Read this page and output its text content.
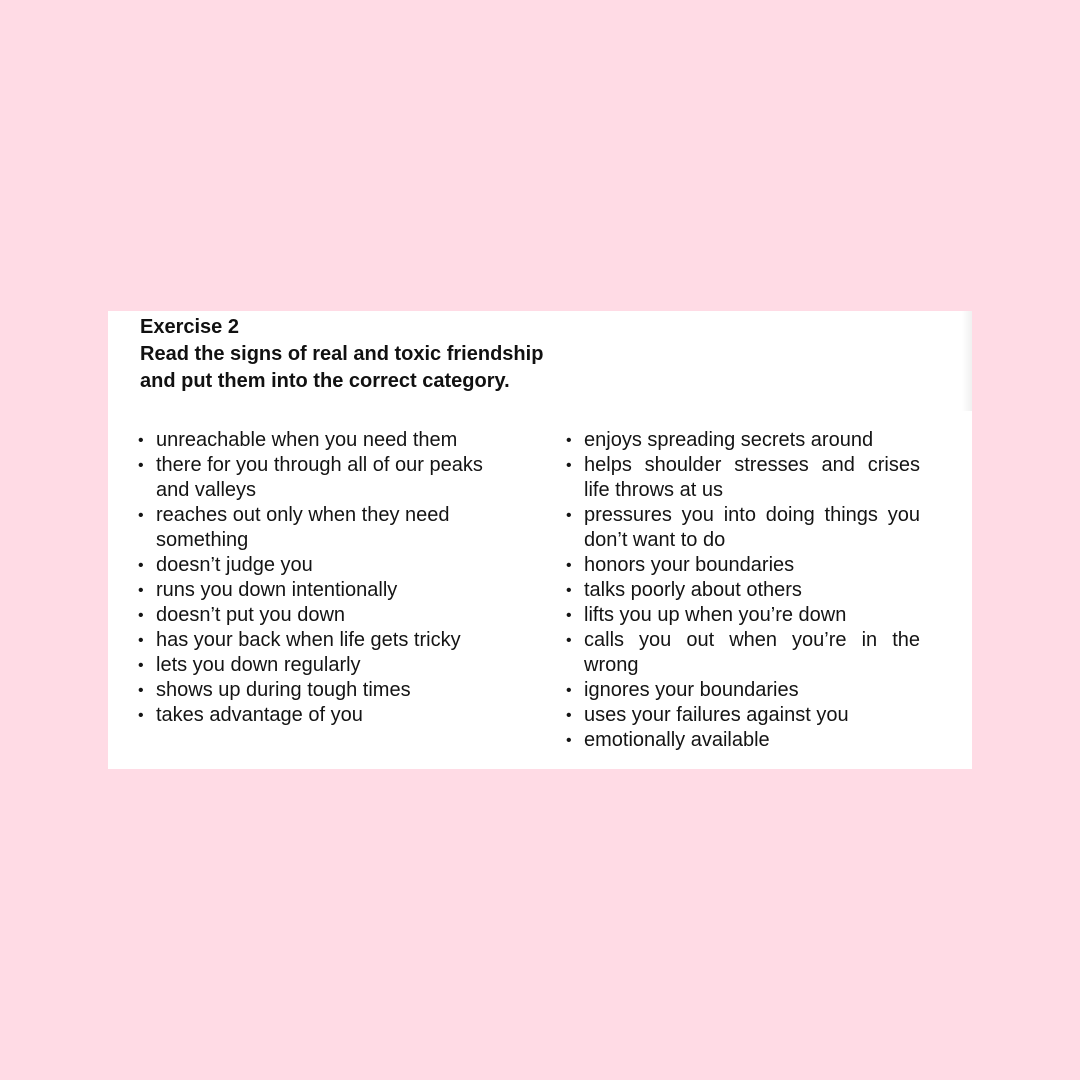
Exercise 2
Read the signs of real and toxic friendship
and put them into the correct category.
• unreachable when you need them
• there for you through all of our peaks and valleys
• reaches out only when they need something
• doesn’t judge you
• runs you down intentionally
• doesn’t put you down
• has your back when life gets tricky
• lets you down regularly
• shows up during tough times
• takes advantage of you
• enjoys spreading secrets around
• helps shoulder stresses and crises life throws at us
• pressures you into doing things you don’t want to do
• honors your boundaries
• talks poorly about others
• lifts you up when you’re down
• calls you out when you’re in the wrong
• ignores your boundaries
• uses your failures against you
• emotionally available
